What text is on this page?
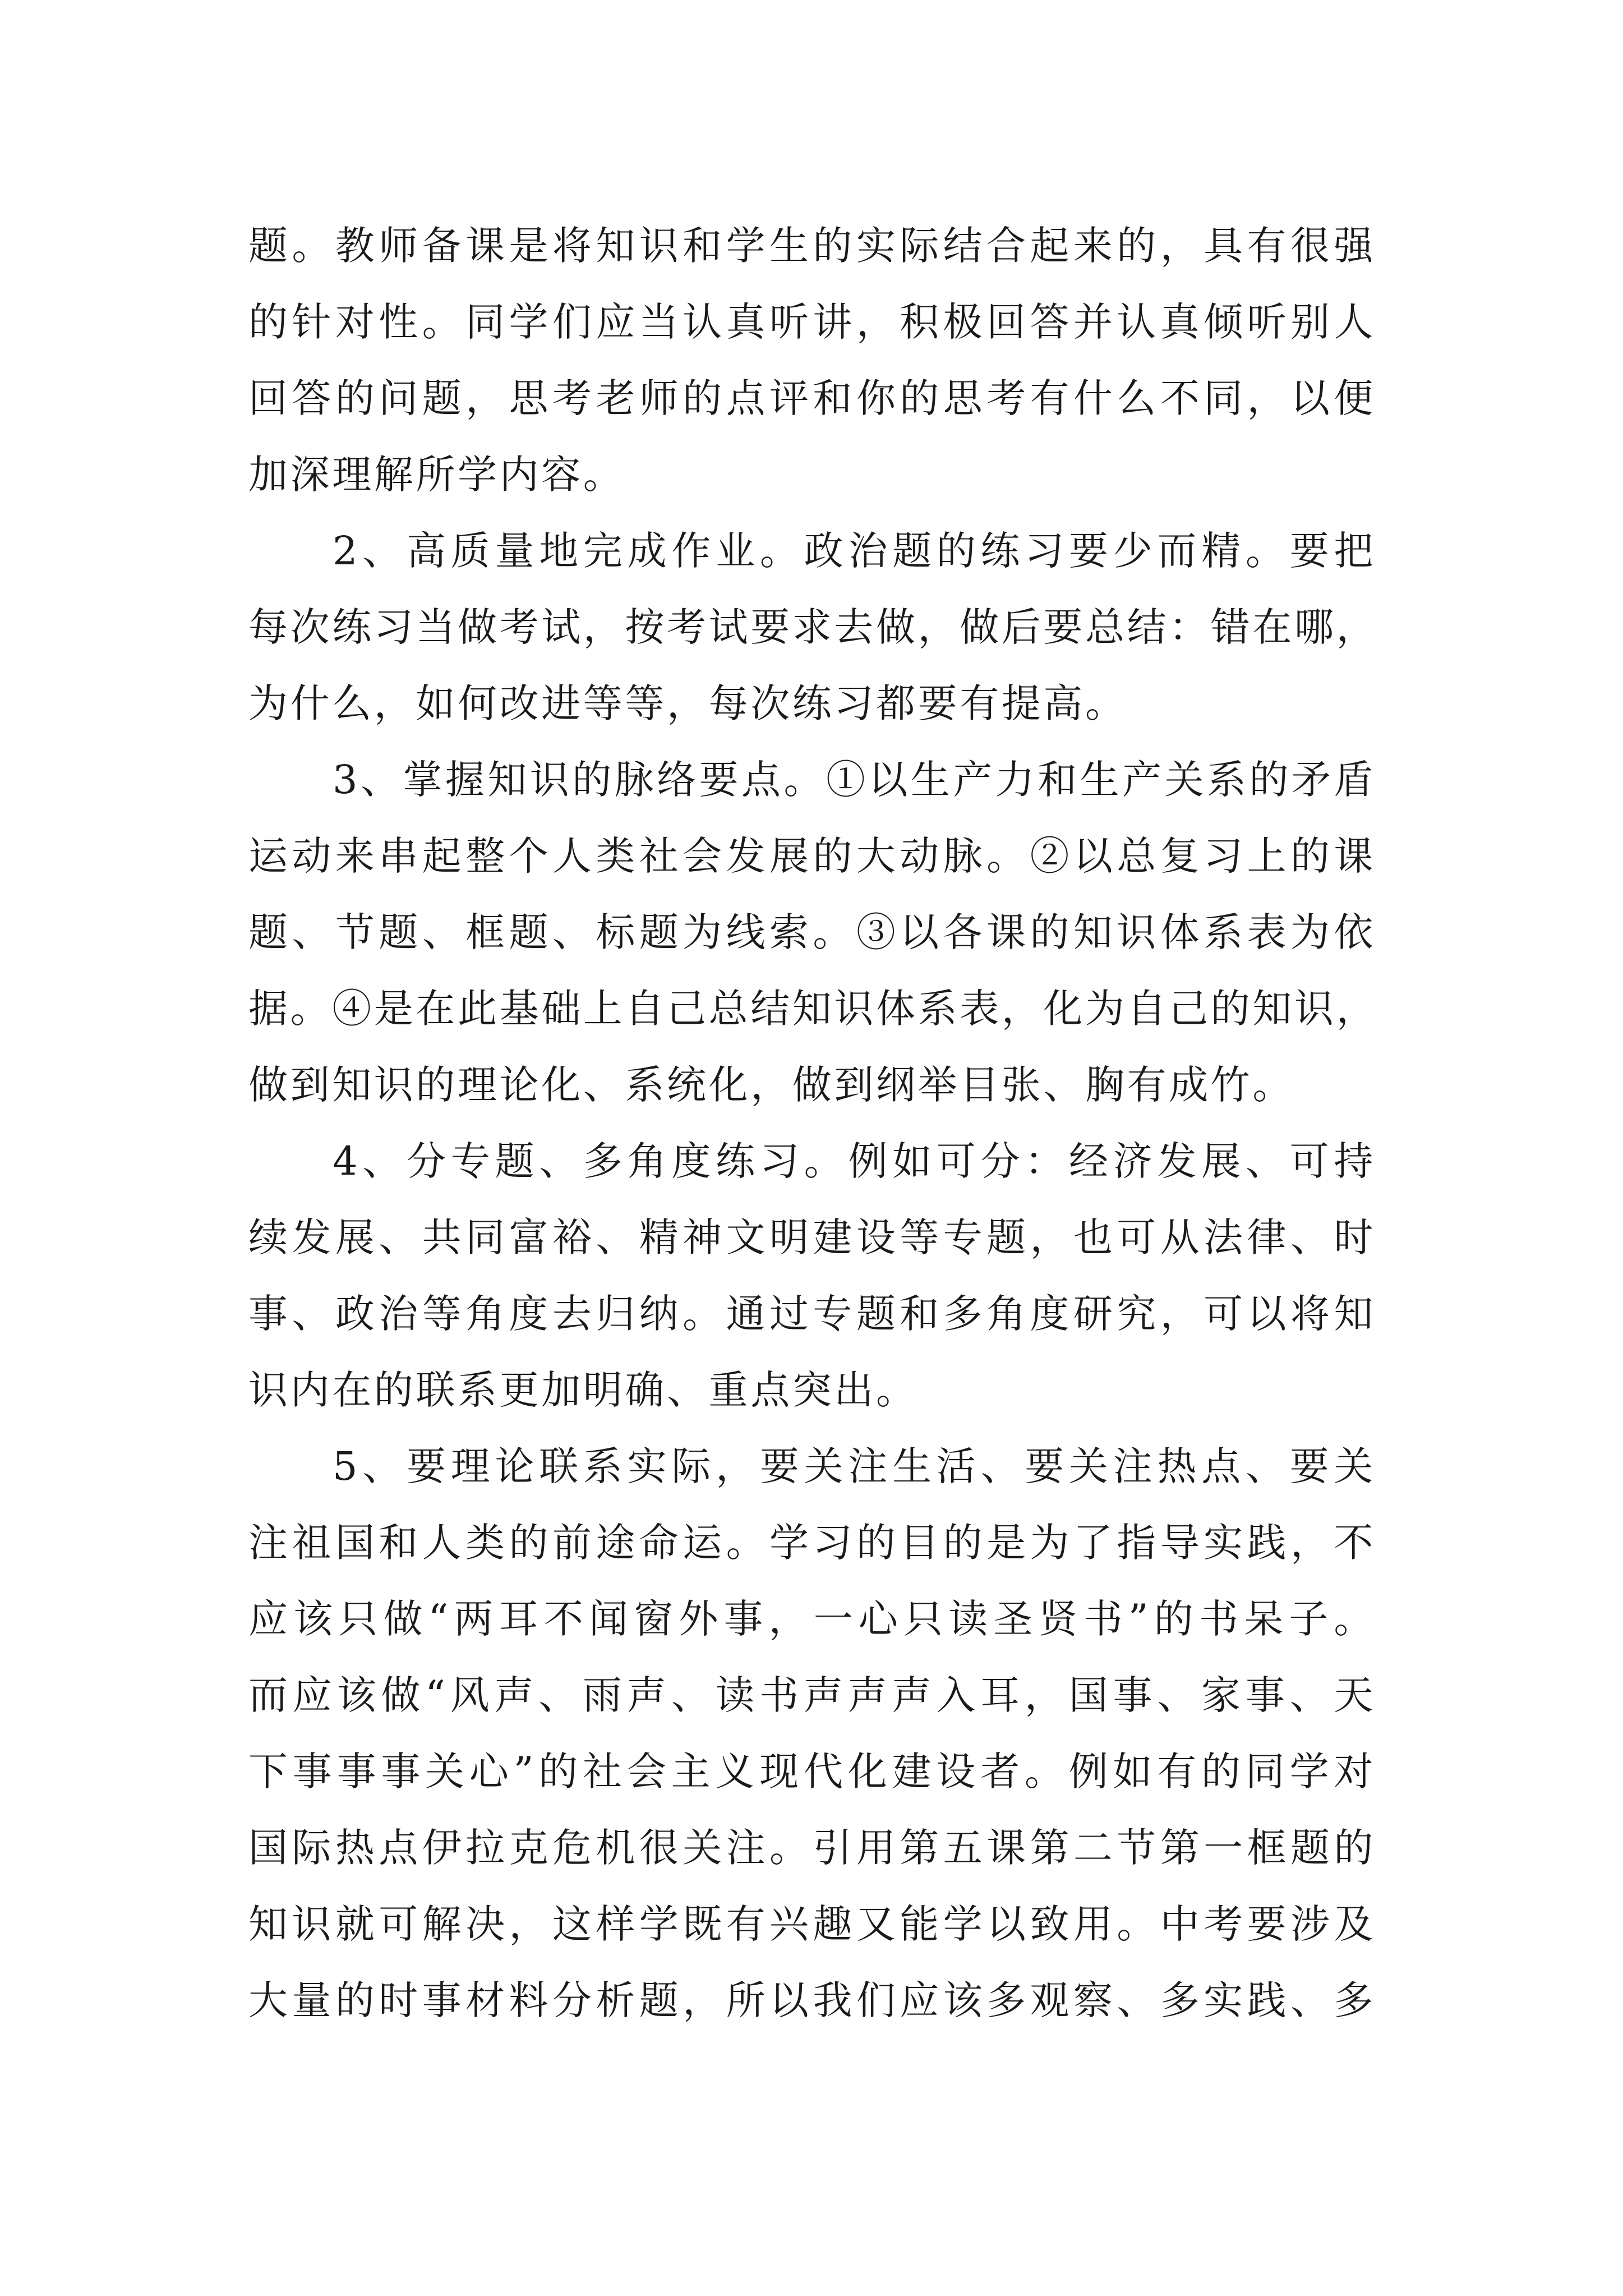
题。教师备课是将知识和学生的实际结合起来的，具有很强
的针对性。同学们应当认真听讲，积极回答并认真倾听别人
回答的问题，思考老师的点评和你的思考有什么不同，以便
加深理解所学内容。
2、高质量地完成作业。政治题的练习要少而精。要把
每次练习当做考试，按考试要求去做，做后要总结：错在哪，
为什么，如何改进等等，每次练习都要有提高。
3、掌握知识的脉络要点。①以生产力和生产关系的矛盾
运动来串起整个人类社会发展的大动脉。②以总复习上的课
题、节题、框题、标题为线索。③以各课的知识体系表为依
据。④是在此基础上自己总结知识体系表，化为自己的知识，
做到知识的理论化、系统化，做到纲举目张、胸有成竹。
4、分专题、多角度练习。例如可分：经济发展、可持
续发展、共同富裕、精神文明建设等专题，也可从法律、时
事、政治等角度去归纳。通过专题和多角度研究，可以将知
识内在的联系更加明确、重点突出。
5、要理论联系实际，要关注生活、要关注热点、要关
注祖国和人类的前途命运。学习的目的是为了指导实践，不
应该只做“两耳不闻窗外事，一心只读圣贤书”的书呆子。
而应该做“风声、雨声、读书声声声入耳，国事、家事、天
下事事事关心”的社会主义现代化建设者。例如有的同学对
国际热点伊拉克危机很关注。引用第五课第二节第一框题的
知识就可解决，这样学既有兴趣又能学以致用。中考要涉及
大量的时事材料分析题，所以我们应该多观察、多实践、多
